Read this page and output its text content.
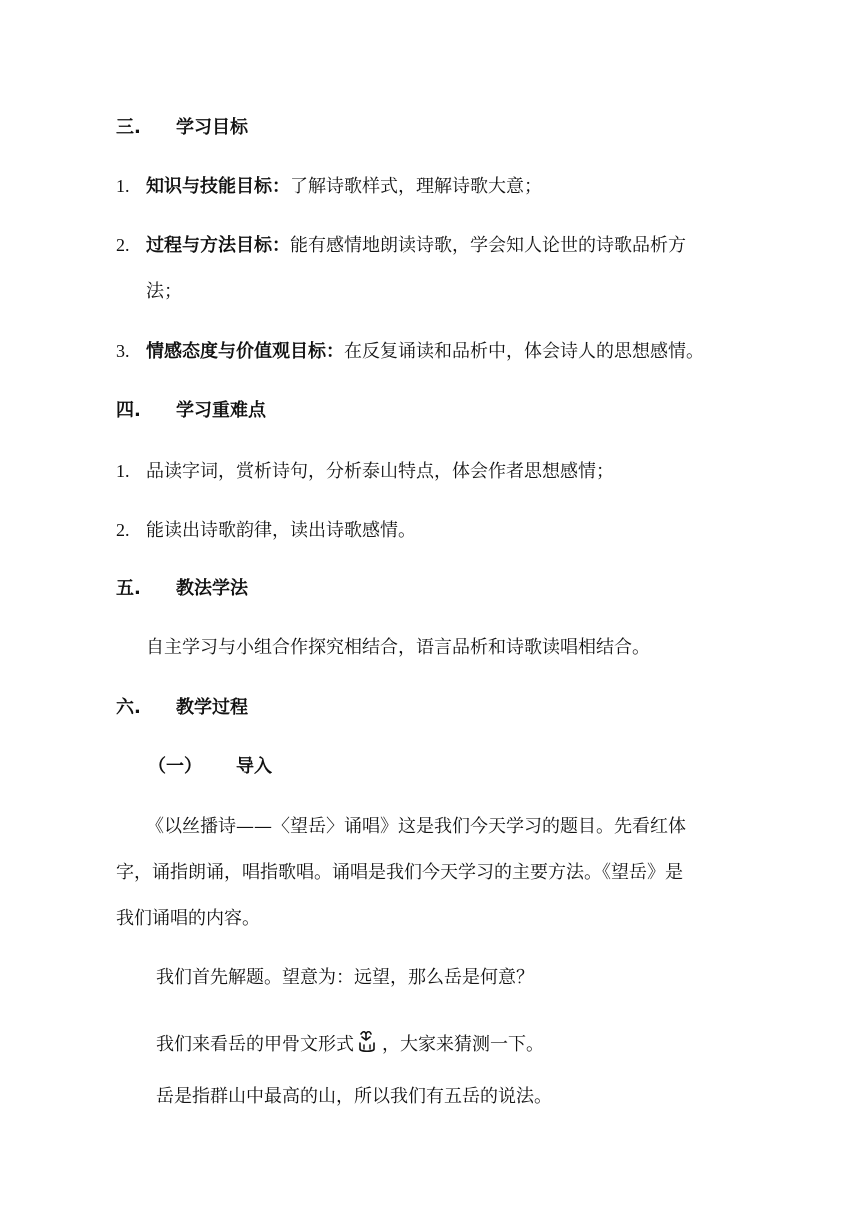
三. 学习目标
1. 知识与技能目标：了解诗歌样式，理解诗歌大意；
2. 过程与方法目标：能有感情地朗读诗歌，学会知人论世的诗歌品析方
法；
3. 情感态度与价值观目标：在反复诵读和品析中，体会诗人的思想感情。
四. 学习重难点
1. 品读字词，赏析诗句，分析泰山特点，体会作者思想感情；
2. 能读出诗歌韵律，读出诗歌感情。
五. 教法学法
自主学习与小组合作探究相结合，语言品析和诗歌读唱相结合。
六. 教学过程
（一） 导入
《以丝播诗——〈望岳〉诵唱》这是我们今天学习的题目。先看红体
字，诵指朗诵，唱指歌唱。诵唱是我们今天学习的主要方法。《望岳》是
我们诵唱的内容。
我们首先解题。望意为：远望，那么岳是何意？
我们来看岳的甲骨文形式 ，大家来猜测一下。
岳是指群山中最高的山，所以我们有五岳的说法。
